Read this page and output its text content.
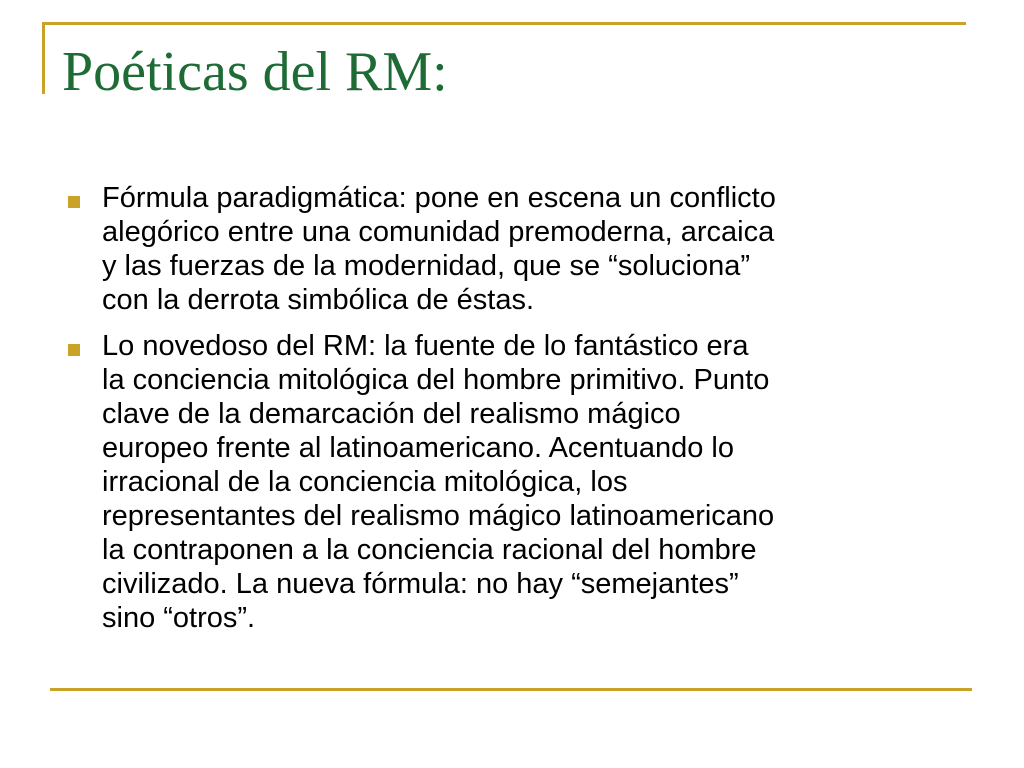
Poéticas del RM:
Fórmula paradigmática: pone en escena un conflicto
alegórico entre una comunidad premoderna, arcaica
y las fuerzas de la modernidad, que se “soluciona”
con la derrota simbólica de éstas.
Lo novedoso del RM: la fuente de lo fantástico era
la conciencia mitológica del hombre primitivo. Punto
clave de la demarcación del realismo mágico
europeo frente al latinoamericano. Acentuando lo
irracional de la conciencia mitológica, los
representantes del realismo mágico latinoamericano
la contraponen a la conciencia racional del hombre
civilizado. La nueva fórmula: no hay “semejantes”
sino “otros”.
